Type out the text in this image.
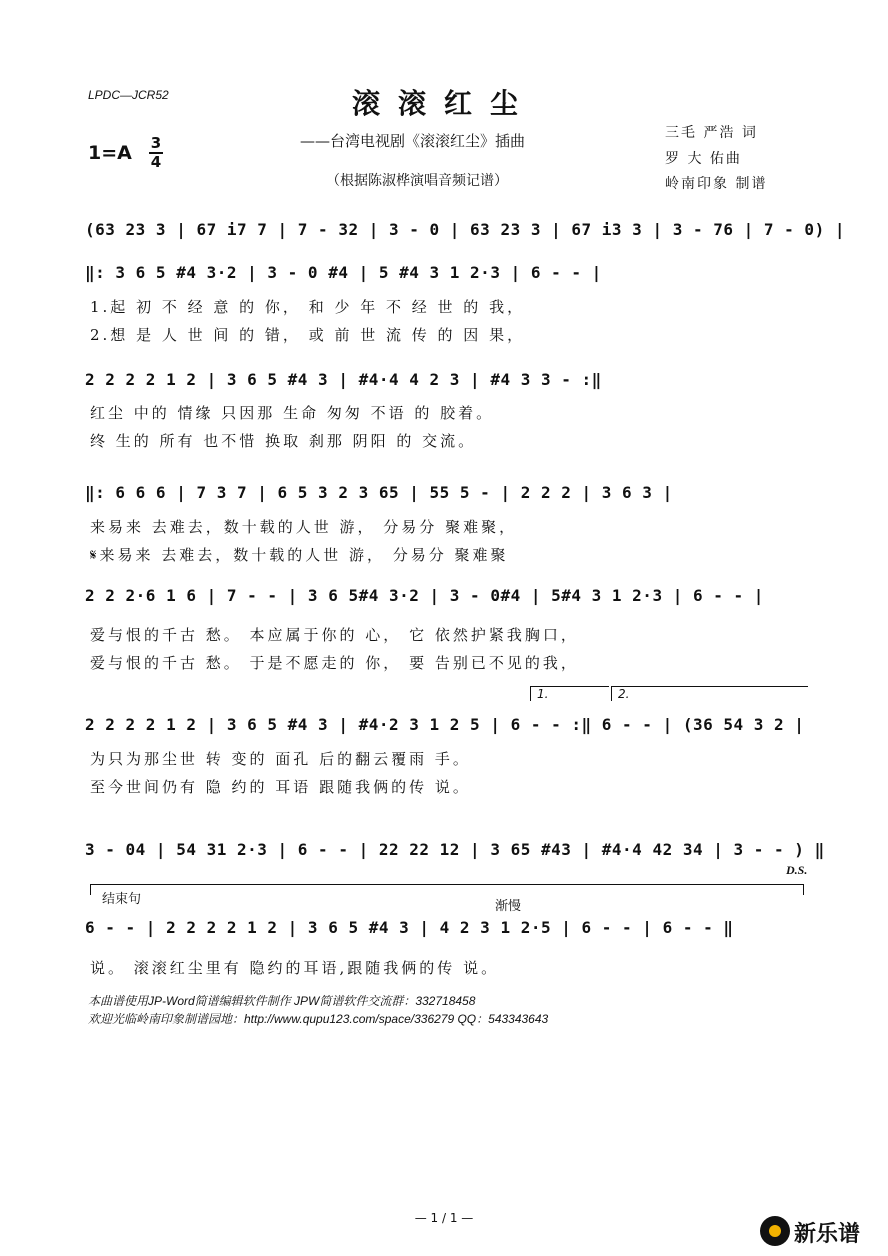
LPDC—JCR52	滚滚红尘
——台湾电视剧《滚滚红尘》插曲
（根据陈淑桦演唱音频记谱）
三毛 严浩 词
罗 大 佑曲
岭南印象 制谱
1=A 3
4
(63 23 3 | 67 i7 7 | 7 - 32 | 3 - 0 | 63 23 3 | 67 i3 3 | 3 - 76 | 7 - 0) |
‖: 3 6 5 #4 3·2 | 3 - 0 #4 | 5 #4 3 1 2·3 | 6 - - |
1.起 初 不 经 意 的 你， 和 少 年 不 经 世 的 我，
2.想 是 人 世 间 的 错， 或 前 世 流 传 的 因 果，
2 2 2 2 1 2 | 3 6 5 #4 3 | #4·4 4 2 3 | #4 3 3 - :‖
红尘 中的 情缘 只因那 生命 匆匆 不语 的 胶着。
终 生的 所有 也不惜 换取 刹那 阴阳 的 交流。
‖: 6 6 6 | 7 3 7 | 6 5 3 2 3 65 | 55 5 - | 2 2 2 | 3 6 3 |
来易来 去难去，数十载的人世 游， 分易分 聚难聚，
𝄋来易来 去难去，数十载的人世 游， 分易分 聚难聚
2 2 2·6 1 6 | 7 - - | 3 6 5#4 3·2 | 3 - 0#4 | 5#4 3 1 2·3 | 6 - - |
爱与恨的千古 愁。 本应属于你的 心， 它 依然护紧我胸口，
爱与恨的千古 愁。 于是不愿走的 你， 要 告别已不见的我，
1.	2.
2 2 2 2 1 2 | 3 6 5 #4 3 | #4·2 3 1 2 5 | 6 - - :‖ 6 - - | (36 54 3 2 |
为只为那尘世 转 变的 面孔 后的翻云覆雨 手。
至今世间仍有 隐 约的 耳语 跟随我俩的传 说。
3 - 04 | 54 31 2·3 | 6 - - | 22 22 12 | 3 65 #43 | #4·4 42 34 | 3 - - ) ‖
D.S.
结束句	渐慢
6 - - | 2 2 2 2 1 2 | 3 6 5 #4 3 | 4 2 3 1 2·5 | 6 - - | 6 - - ‖
说。 滚滚红尘里有 隐约的耳语,跟随我俩的传 说。
本曲谱使用JP-Word简谱编辑软件制作 JPW简谱软件交流群：332718458
欢迎光临岭南印象制谱园地：http://www.qupu123.com/space/336279 QQ：543343643
— 1 / 1 —
新乐谱
